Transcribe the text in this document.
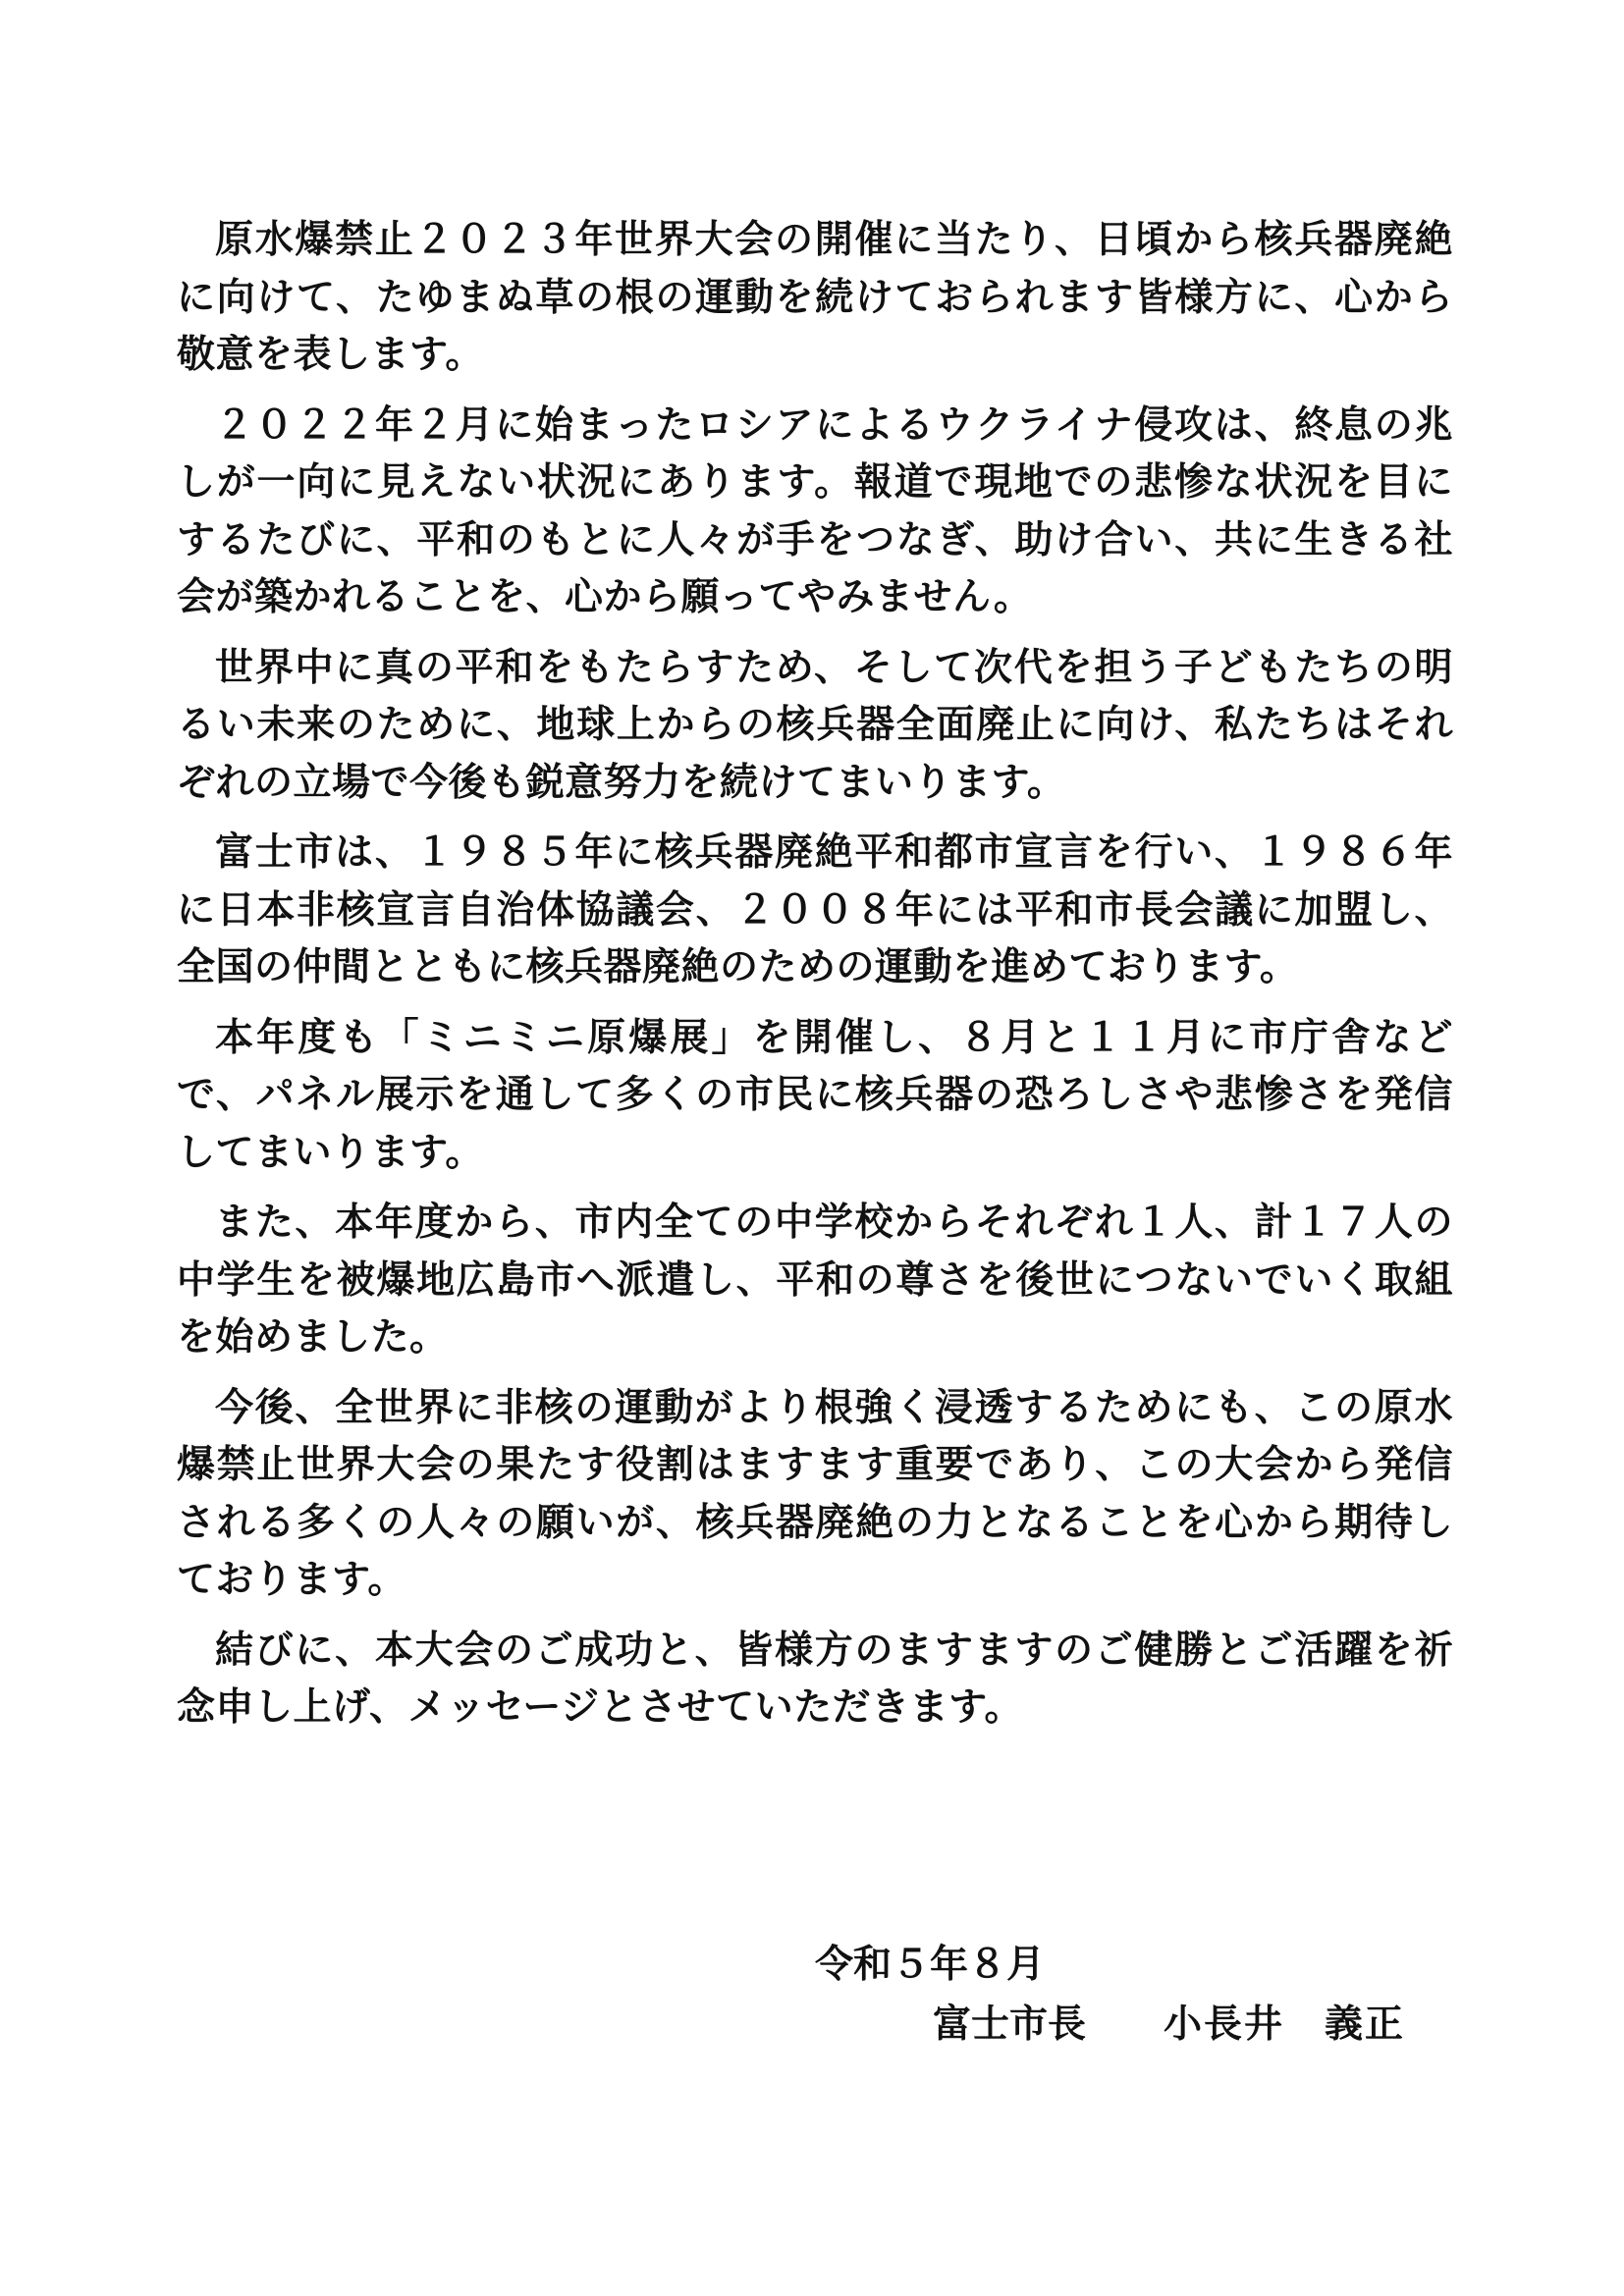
原水爆禁止２０２３年世界大会の開催に当たり、日頃から核兵器廃絶に向けて、たゆまぬ草の根の運動を続けておられます皆様方に、心から敬意を表します。

２０２２年２月に始まったロシアによるウクライナ侵攻は、終息の兆しが一向に見えない状況にあります。報道で現地での悲惨な状況を目にするたびに、平和のもとに人々が手をつなぎ、助け合い、共に生きる社会が築かれることを、心から願ってやみません。

世界中に真の平和をもたらすため、そして次代を担う子どもたちの明るい未来のために、地球上からの核兵器全面廃止に向け、私たちはそれぞれの立場で今後も鋭意努力を続けてまいります。

富士市は、１９８５年に核兵器廃絶平和都市宣言を行い、１９８６年に日本非核宣言自治体協議会、２００８年には平和市長会議に加盟し、全国の仲間とともに核兵器廃絶のための運動を進めております。

本年度も「ミニミニ原爆展」を開催し、８月と１１月に市庁舎などで、パネル展示を通して多くの市民に核兵器の恐ろしさや悲惨さを発信してまいります。

また、本年度から、市内全ての中学校からそれぞれ１人、計１７人の中学生を被爆地広島市へ派遣し、平和の尊さを後世につないでいく取組を始めました。

今後、全世界に非核の運動がより根強く浸透するためにも、この原水爆禁止世界大会の果たす役割はますます重要であり、この大会から発信される多くの人々の願いが、核兵器廃絶の力となることを心から期待しております。

結びに、本大会のご成功と、皆様方のますますのご健勝とご活躍を祈念申し上げ、メッセージとさせていただきます。

令和５年８月
富士市長 小長井　義正
